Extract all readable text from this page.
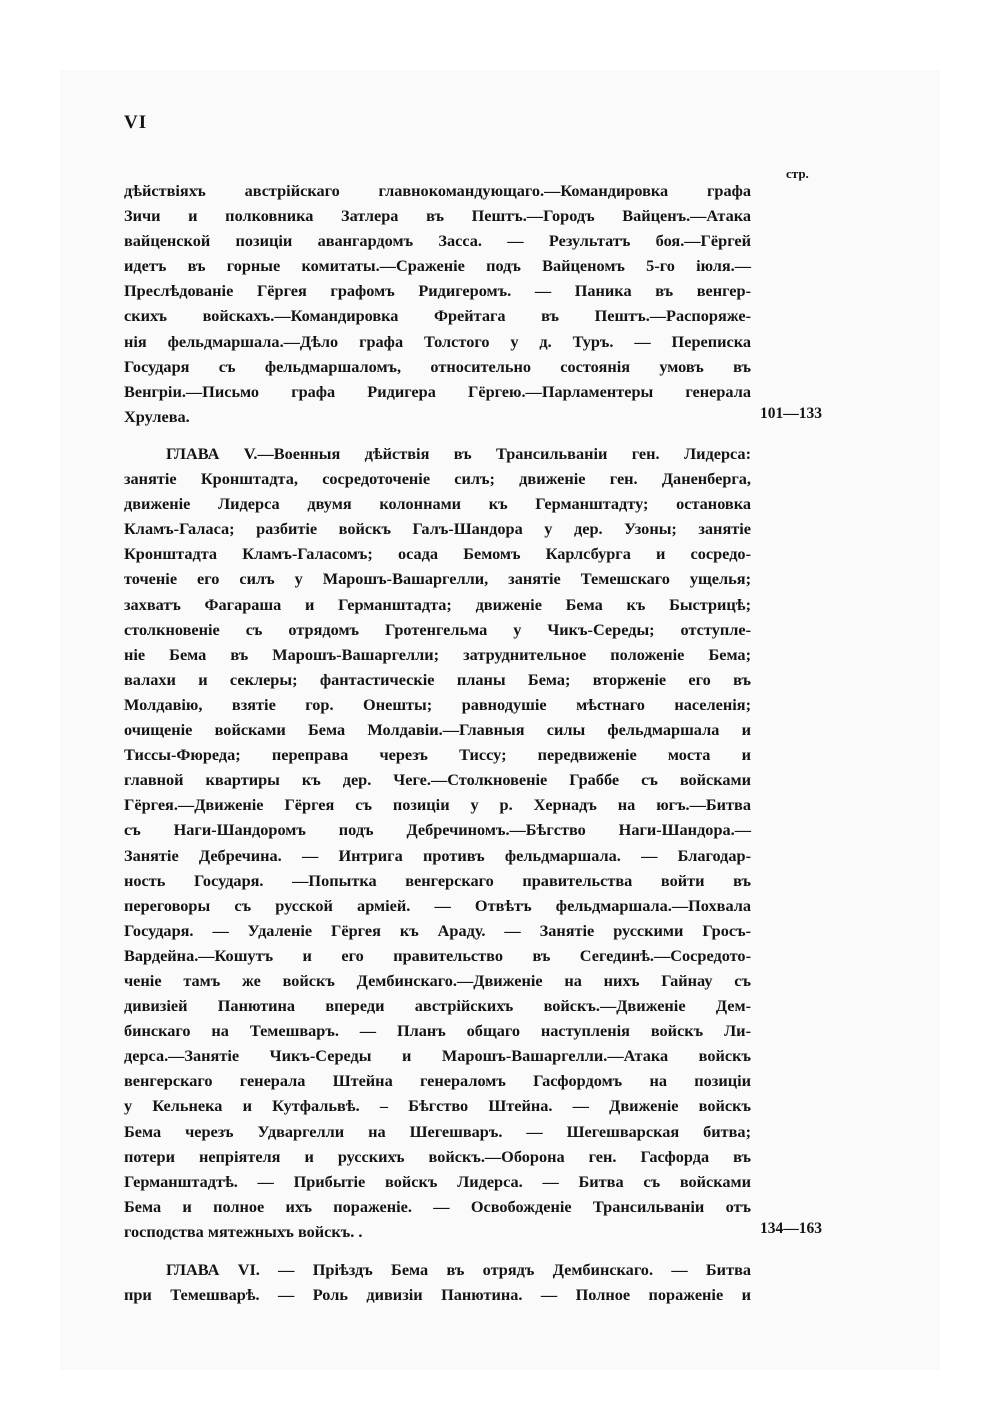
VI
стр.

дѣйствіяхъ австрійскаго главнокомандующаго.—Командировка графа
Зичи и полковника Затлера въ Пештъ.—Городъ Вайценъ.—Атака
вайценской позиціи авангардомъ Засса. — Результатъ боя.—Гёргей
идетъ въ горные комитаты.—Сраженіе подъ Вайценомъ 5-го іюля.—
Преслѣдованіе Гёргея графомъ Ридигеромъ. — Паника въ венгер-
скихъ войскахъ.—Командировка Фрейтага въ Пештъ.—Распоряже-
нія фельдмаршала.—Дѣло графа Толстого у д. Туръ. — Переписка
Государя съ фельдмаршаломъ, относительно состоянія умовъ въ
Венгріи.—Письмо графа Ридигера Гёргею.—Парламентеры генерала
Хрулева.	101—133

ГЛАВА V.—Военныя дѣйствія въ Трансильваніи ген. Лидерса:
занятіе Кронштадта, сосредоточеніе силъ; движеніе ген. Даненберга,
движеніе Лидерса двумя колоннами къ Германштадту; остановка
Кламъ-Галаса; разбитіе войскъ Галъ-Шандора у дер. Узоны; занятіе
Кронштадта Кламъ-Галасомъ; осада Бемомъ Карлсбурга и сосредо-
точеніе его силъ у Марошъ-Вашаргелли, занятіе Темешскаго ущелья;
захватъ Фагараша и Германштадта; движеніе Бема къ Быстрицѣ;
столкновеніе съ отрядомъ Гротенгельма у Чикъ-Середы; отступле-
ніе Бема въ Марошъ-Вашаргелли; затруднительное положеніе Бема;
валахи и секлеры; фантастическіе планы Бема; вторженіе его въ
Молдавію, взятіе гор. Онешты; равнодушіе мѣстнаго населенія;
очищеніе войсками Бема Молдавіи.—Главныя силы фельдмаршала и
Тиссы-Фюреда; переправа черезъ Тиссу; передвиженіе моста и
главной квартиры къ дер. Чеге.—Столкновеніе Граббе съ войсками
Гёргея.—Движеніе Гёргея съ позиціи у р. Хернадъ на югъ.—Битва
съ Наги-Шандоромъ подъ Дебречиномъ.—Бѣгство Наги-Шандора.—
Занятіе Дебречина. — Интрига противъ фельдмаршала. — Благодар-
ность Государя. —Попытка венгерскаго правительства войти въ
переговоры съ русской арміей. — Отвѣтъ фельдмаршала.—Похвала
Государя. — Удаленіе Гёргея къ Араду. — Занятіе русскими Гросъ-
Вардейна.—Кошутъ и его правительство въ Сегединѣ.—Сосредото-
ченіе тамъ же войскъ Дембинскаго.—Движеніе на нихъ Гайнау съ
дивизіей Панютина впереди австрійскихъ войскъ.—Движеніе Дем-
бинскаго на Темешваръ. — Планъ общаго наступленія войскъ Ли-
дерса.—Занятіе Чикъ-Середы и Марошъ-Вашаргелли.—Атака войскъ
венгерскаго генерала Штейна генераломъ Гасфордомъ на позиціи
у Кельнека и Кутфальвѣ. – Бѣгство Штейна. — Движеніе войскъ
Бема черезъ Удваргелли на Шегешваръ. — Шегешварская битва;
потери непріятеля и русскихъ войскъ.—Оборона ген. Гасфорда въ
Германштадтѣ. — Прибытіе войскъ Лидерса. — Битва съ войсками
Бема и полное ихъ пораженіе. — Освобожденіе Трансильваніи отъ
господства мятежныхъ войскъ. .	134—163

ГЛАВА VI. — Пріѣздъ Бема въ отрядъ Дембинскаго. — Битва
при Темешварѣ. — Роль дивизіи Панютина. — Полное пораженіе и
